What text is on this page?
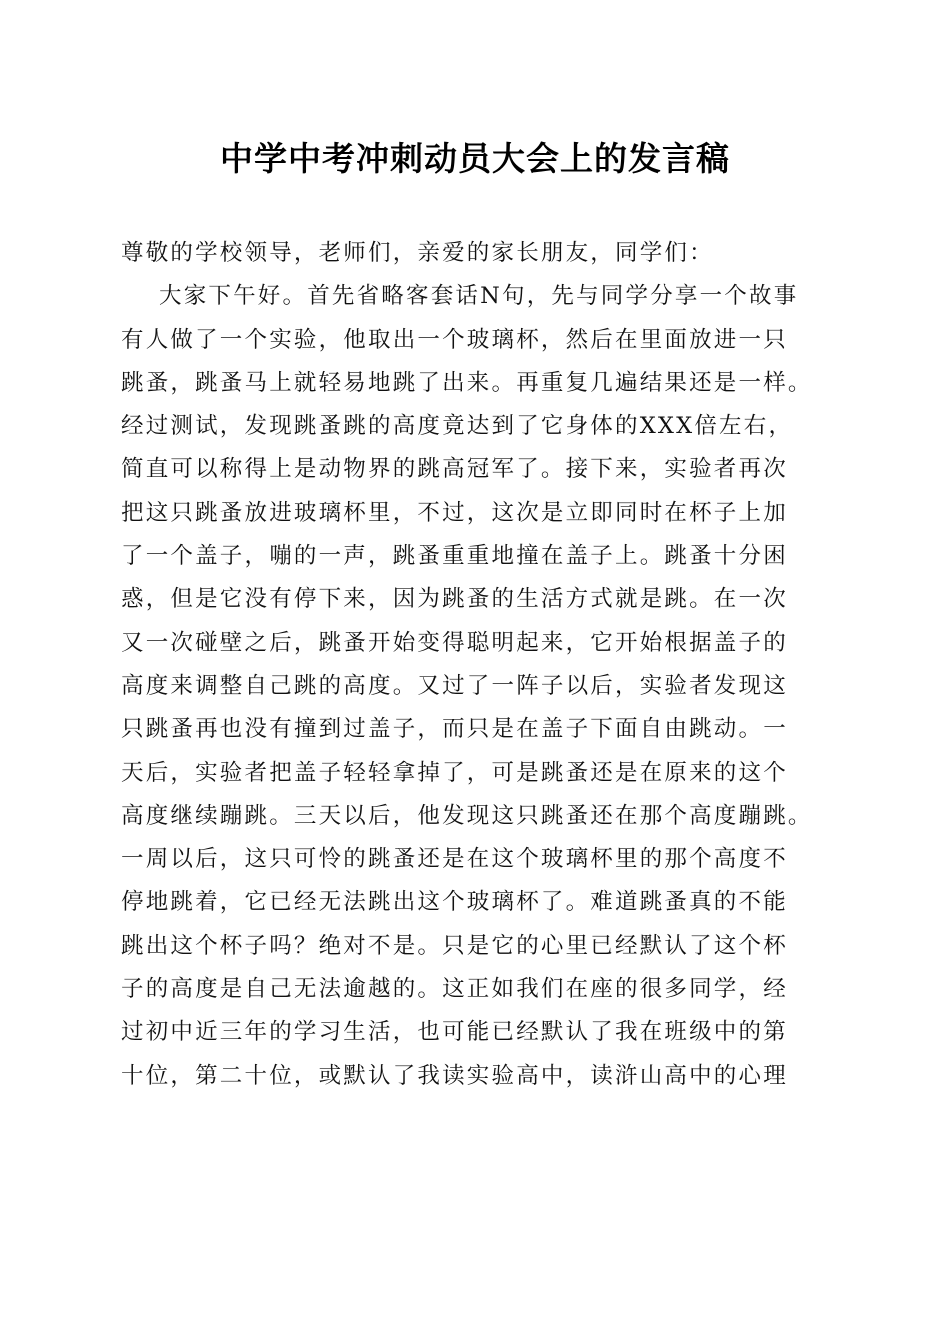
中学中考冲刺动员大会上的发言稿
尊敬的学校领导，老师们，亲爱的家长朋友，同学们：
大家下午好。首先省略客套话N句，先与同学分享一个故事
有人做了一个实验，他取出一个玻璃杯，然后在里面放进一只
跳蚤，跳蚤马上就轻易地跳了出来。再重复几遍结果还是一样。
经过测试，发现跳蚤跳的高度竟达到了它身体的XXX倍左右，
简直可以称得上是动物界的跳高冠军了。接下来，实验者再次
把这只跳蚤放进玻璃杯里，不过，这次是立即同时在杯子上加
了一个盖子，嘣的一声，跳蚤重重地撞在盖子上。跳蚤十分困
惑，但是它没有停下来，因为跳蚤的生活方式就是跳。在一次
又一次碰壁之后，跳蚤开始变得聪明起来，它开始根据盖子的
高度来调整自己跳的高度。又过了一阵子以后，实验者发现这
只跳蚤再也没有撞到过盖子，而只是在盖子下面自由跳动。一
天后，实验者把盖子轻轻拿掉了，可是跳蚤还是在原来的这个
高度继续蹦跳。三天以后，他发现这只跳蚤还在那个高度蹦跳。
一周以后，这只可怜的跳蚤还是在这个玻璃杯里的那个高度不
停地跳着，它已经无法跳出这个玻璃杯了。难道跳蚤真的不能
跳出这个杯子吗？绝对不是。只是它的心里已经默认了这个杯
子的高度是自己无法逾越的。这正如我们在座的很多同学，经
过初中近三年的学习生活，也可能已经默认了我在班级中的第
十位，第二十位，或默认了我读实验高中，读浒山高中的心理
